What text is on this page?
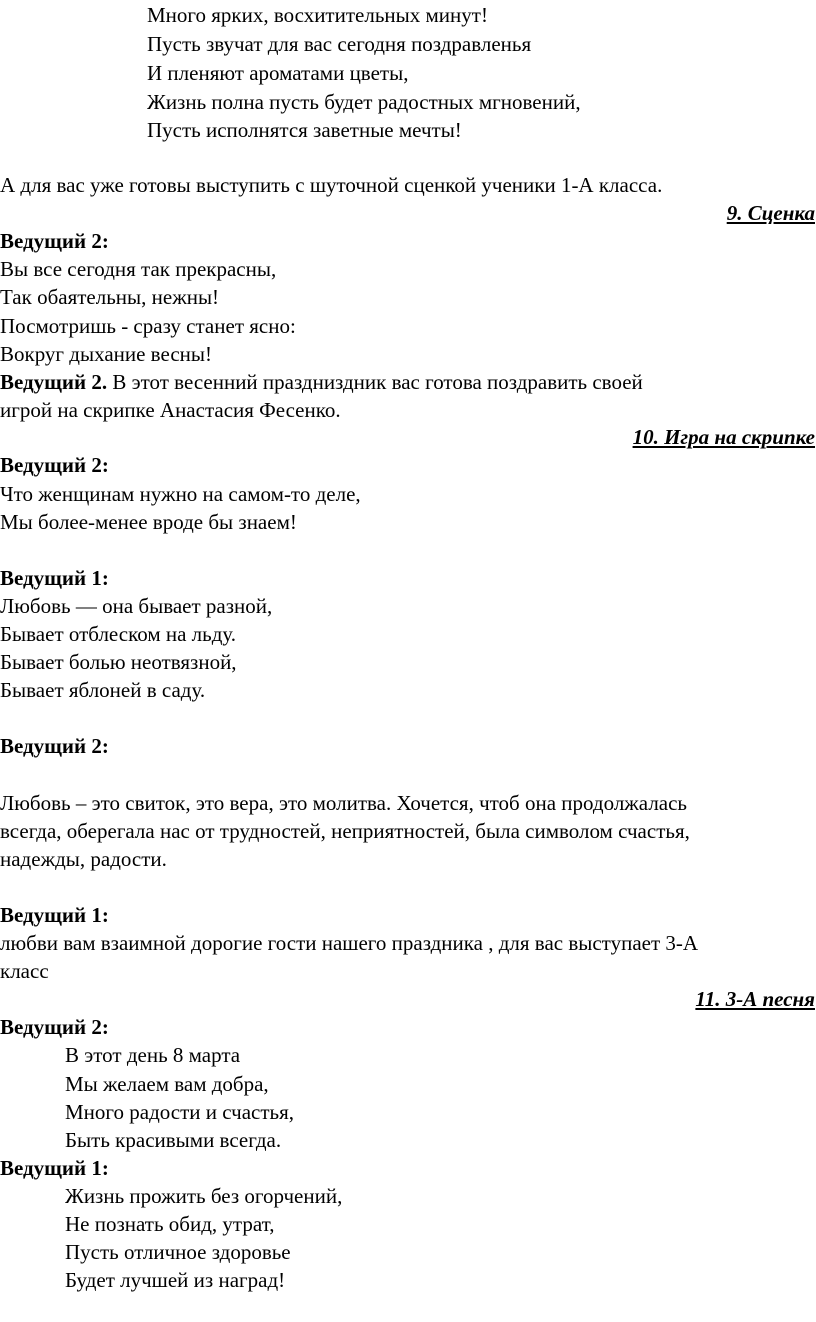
Много ярких, восхитительных минут!
Пусть звучат для вас сегодня поздравленья
И пленяют ароматами цветы,
Жизнь полна пусть будет радостных мгновений,
Пусть исполнятся заветные мечты!
А для вас уже готовы выступить с шуточной сценкой ученики 1-А класса.
9. Сценка
Ведущий 2:
Вы все сегодня так прекрасны,
Так обаятельны, нежны!
Посмотришь - сразу станет ясно:
Вокруг дыхание весны!
Ведущий 2. В этот весенний праздниздник вас готова поздравить своей
игрой на скрипке Анастасия Фесенко.
10. Игра на скрипке
Ведущий 2:
Что женщинам нужно на самом-то деле,
Мы более-менее вроде бы знаем!
Ведущий 1:
Любовь — она бывает разной,
Бывает отблеском на льду.
Бывает болью неотвязной,
Бывает яблоней в саду.
Ведущий 2:
Любовь – это свиток, это вера, это молитва. Хочется, чтоб она продолжалась
всегда, оберегала нас от трудностей, неприятностей, была символом счастья,
надежды, радости.
Ведущий 1:
любви вам взаимной дорогие гости нашего праздника , для вас выступает 3-А
класс
11. 3-А песня
Ведущий 2:
В этот день 8 марта
Мы желаем вам добра,
Много радости и счастья,
Быть красивыми всегда.
Ведущий 1:
Жизнь прожить без огорчений,
Не познать обид, утрат,
Пусть отличное здоровье
Будет лучшей из наград!
